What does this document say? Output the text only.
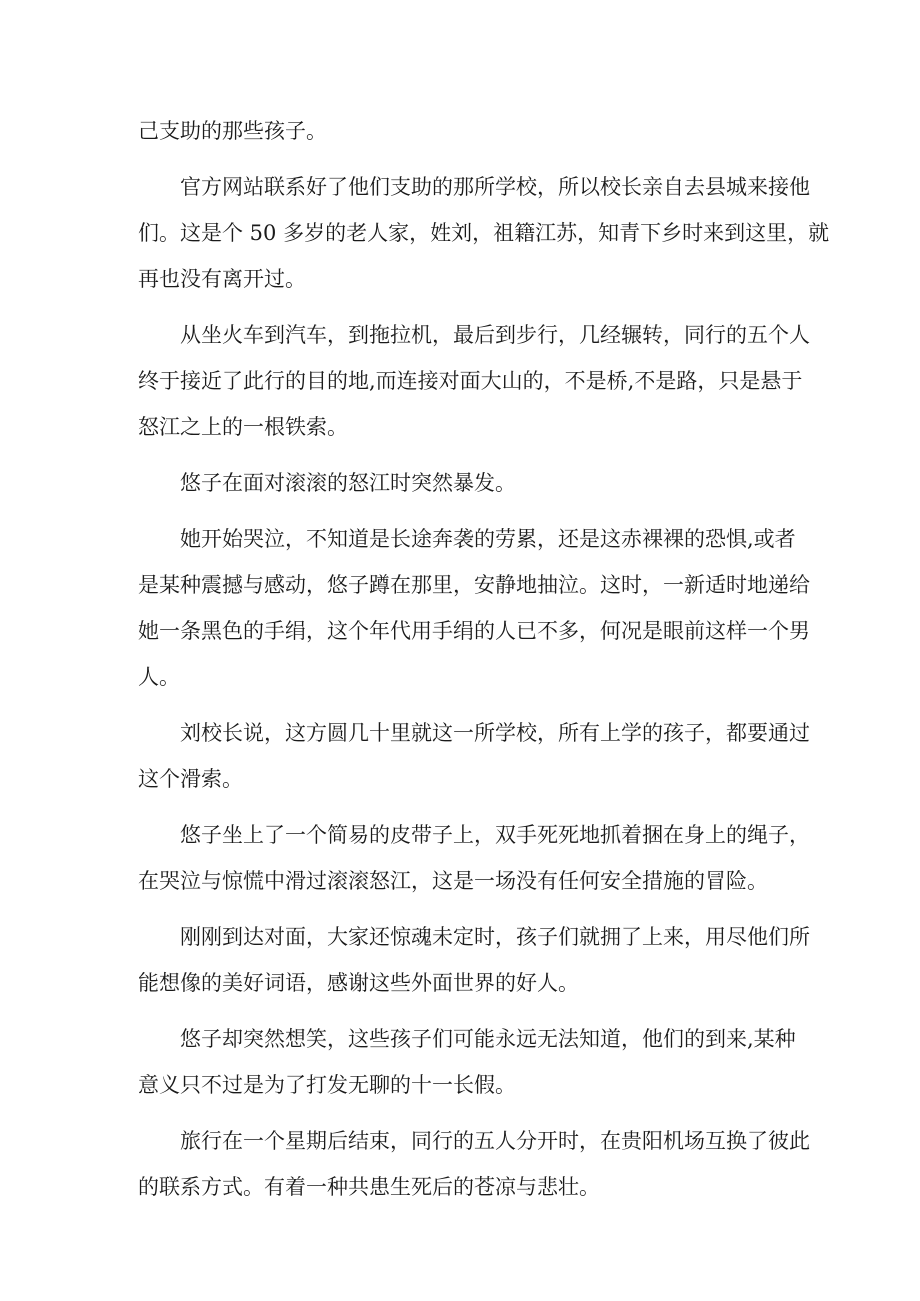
己支助的那些孩子。
官方网站联系好了他们支助的那所学校，所以校长亲自去县城来接他
们。这是个 50 多岁的老人家，姓刘，祖籍江苏，知青下乡时来到这里，就
再也没有离开过。
从坐火车到汽车，到拖拉机，最后到步行，几经辗转，同行的五个人
终于接近了此行的目的地,而连接对面大山的，不是桥,不是路，只是悬于
怒江之上的一根铁索。
悠子在面对滚滚的怒江时突然暴发。
她开始哭泣，不知道是长途奔袭的劳累，还是这赤裸裸的恐惧,或者
是某种震撼与感动，悠子蹲在那里，安静地抽泣。这时，一新适时地递给
她一条黑色的手绢，这个年代用手绢的人已不多，何况是眼前这样一个男
人。
刘校长说，这方圆几十里就这一所学校，所有上学的孩子，都要通过
这个滑索。
悠子坐上了一个简易的皮带子上，双手死死地抓着捆在身上的绳子，
在哭泣与惊慌中滑过滚滚怒江，这是一场没有任何安全措施的冒险。
刚刚到达对面，大家还惊魂未定时，孩子们就拥了上来，用尽他们所
能想像的美好词语，感谢这些外面世界的好人。
悠子却突然想笑，这些孩子们可能永远无法知道，他们的到来,某种
意义只不过是为了打发无聊的十一长假。
旅行在一个星期后结束，同行的五人分开时，在贵阳机场互换了彼此
的联系方式。有着一种共患生死后的苍凉与悲壮。
